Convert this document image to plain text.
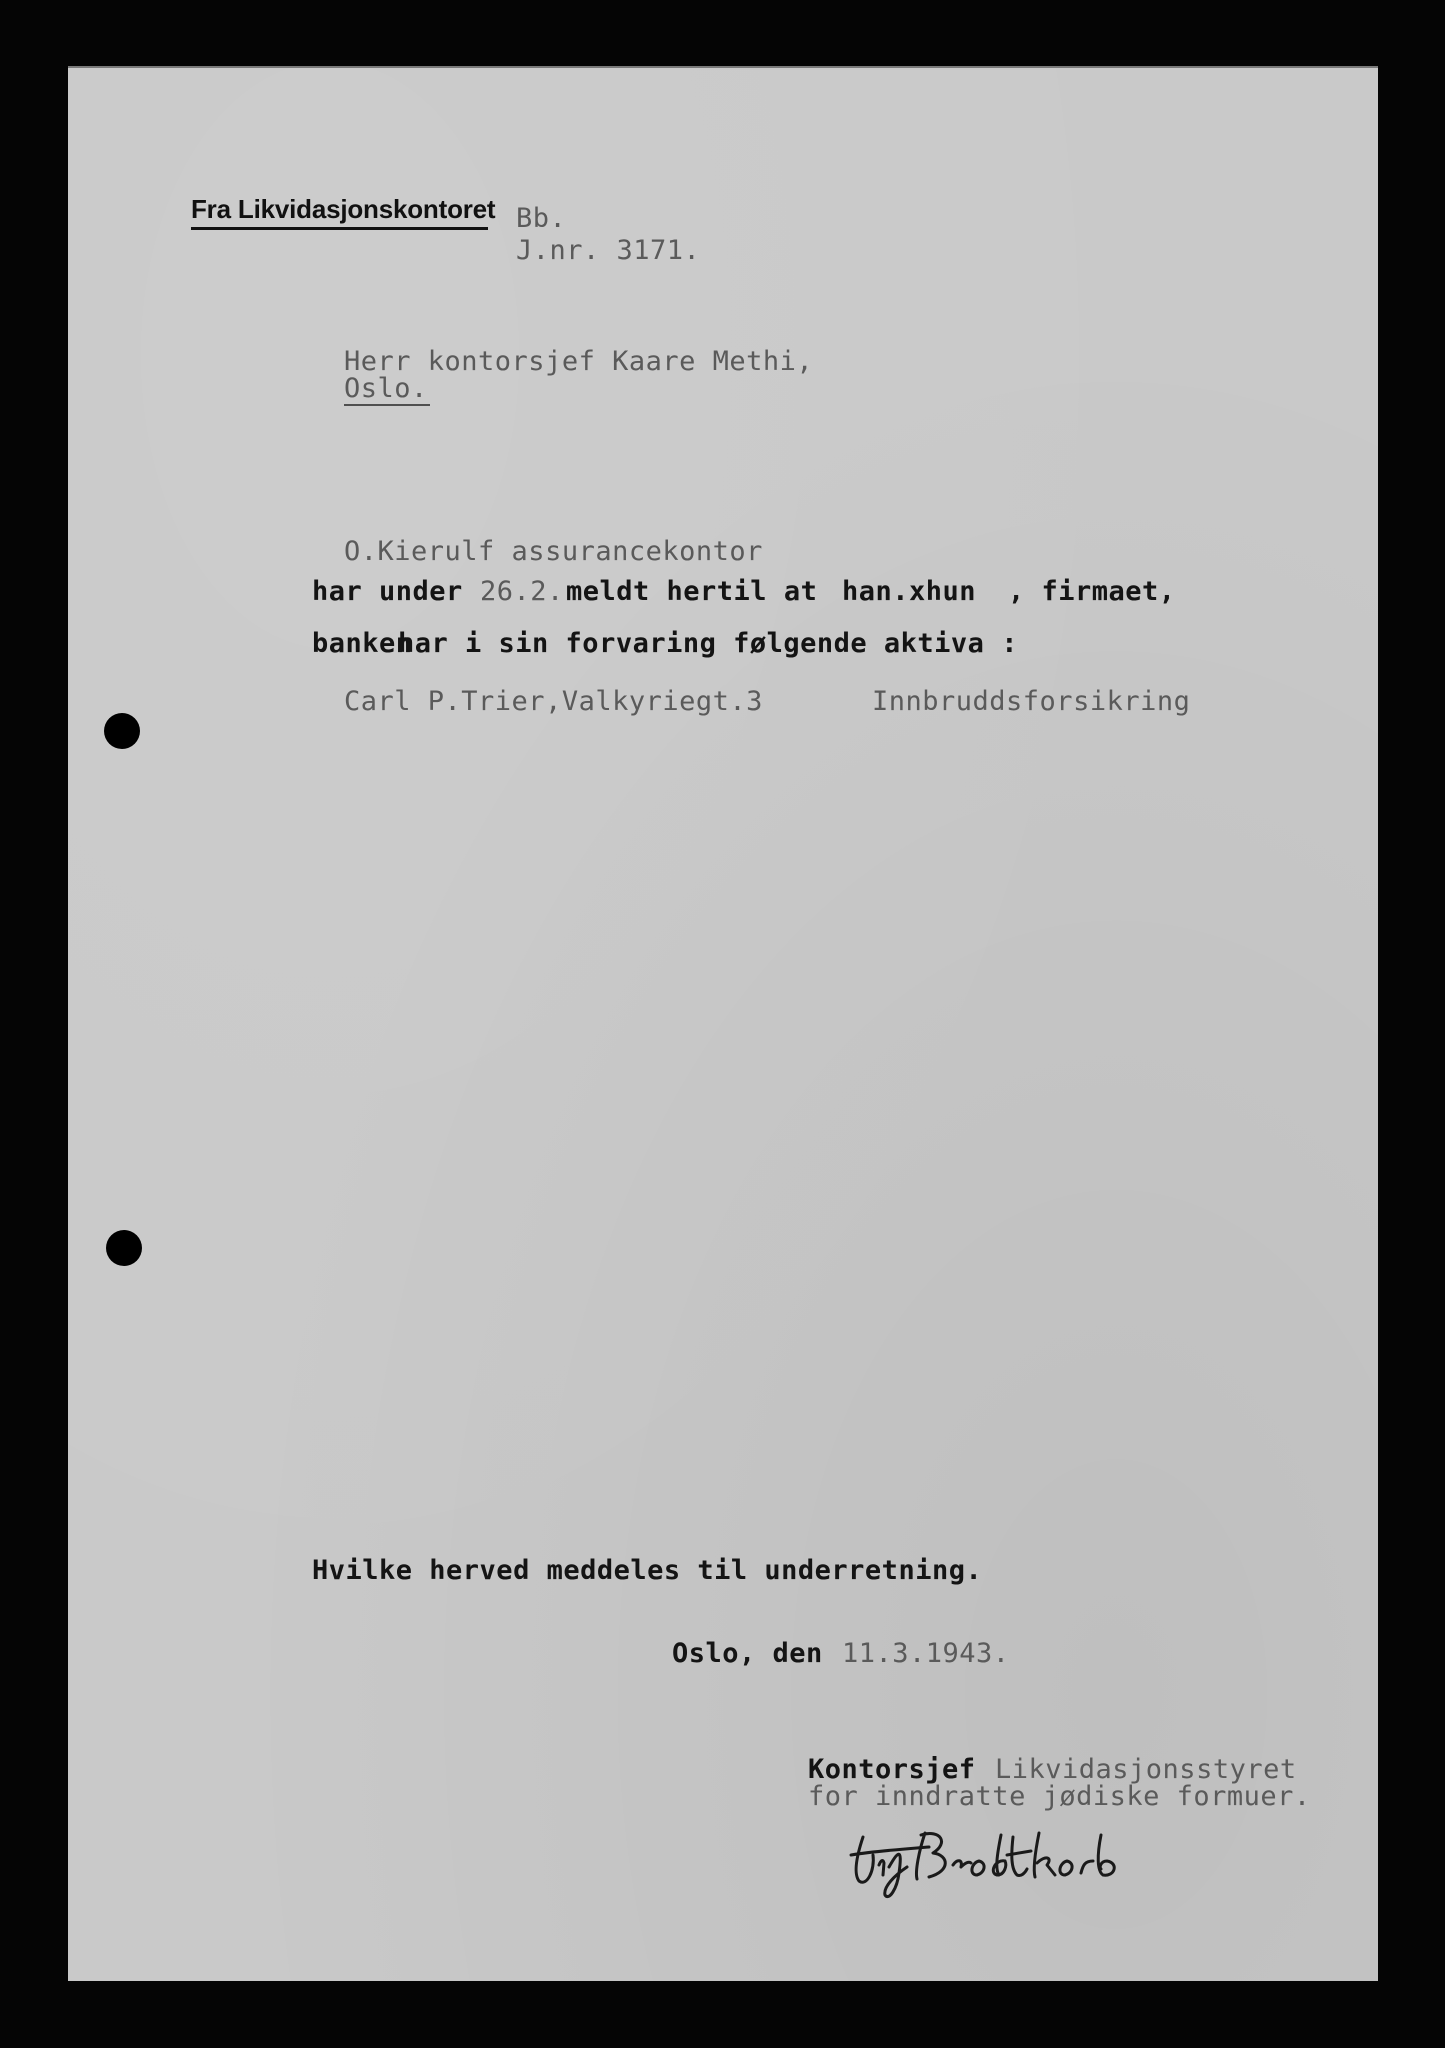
Fra Likvidasjonskontoret Bb.
J.nr. 3171.
Herr kontorsjef Kaare Methi,
Oslo.
O.Kierulf assurancekontor
har under 26.2. meldt hertil at han.xhun , firmaet,
banken
har i sin forvaring følgende aktiva :
Carl P.Trier,Valkyriegt.3	Innbruddsforsikring
Hvilke herved meddeles til underretning.
Oslo, den 11.3.1943.
Kontorsjef Likvidasjonsstyret
for inndratte jødiske formuer.
